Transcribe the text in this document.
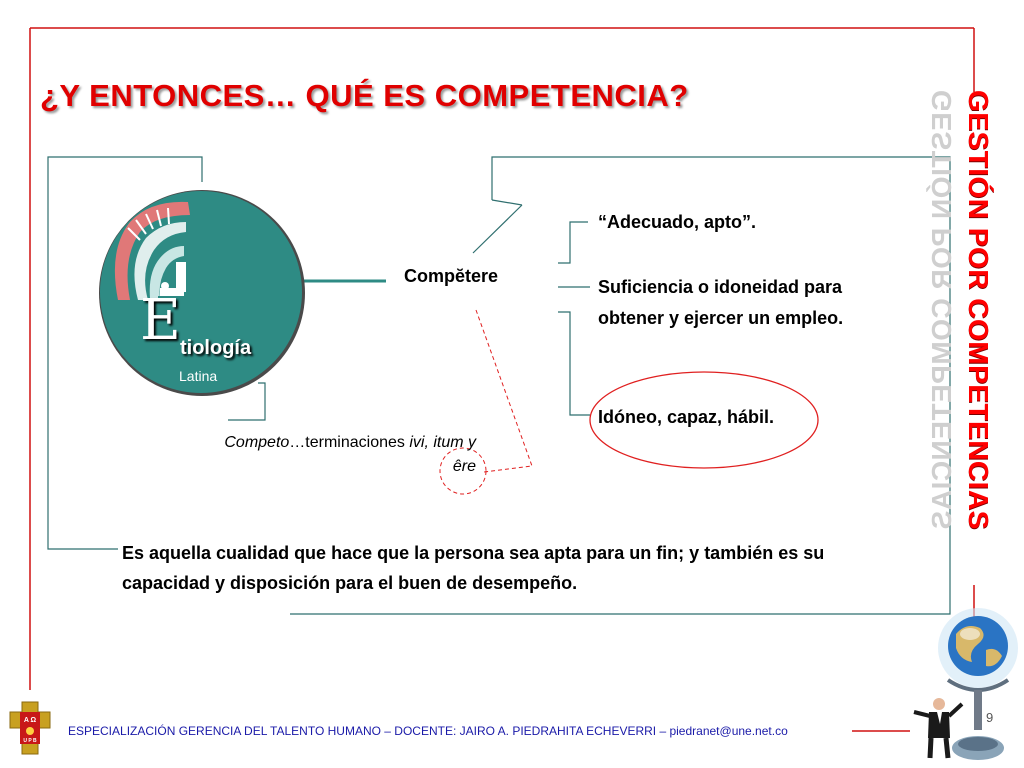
A Ω
U P B
¿Y ENTONCES… QUÉ ES COMPETENCIA?	GESTIÓN POR COMPETENCIAS GESTIÓN POR COMPETENCIAS
E tiología
Latina
Compĕtere
“Adecuado, apto”.
Suficiencia o idoneidad para obtener y ejercer un empleo.
Idóneo, capaz, hábil.
Competo…terminaciones ivi, itum y êre
Es aquella cualidad que hace que la persona sea apta para un fin; y también es su capacidad y disposición para el buen de desempeño.
ESPECIALIZACIÓN GERENCIA DEL TALENTO HUMANO – DOCENTE: JAIRO A. PIEDRAHITA ECHEVERRI – piedranet@une.net.co
9
